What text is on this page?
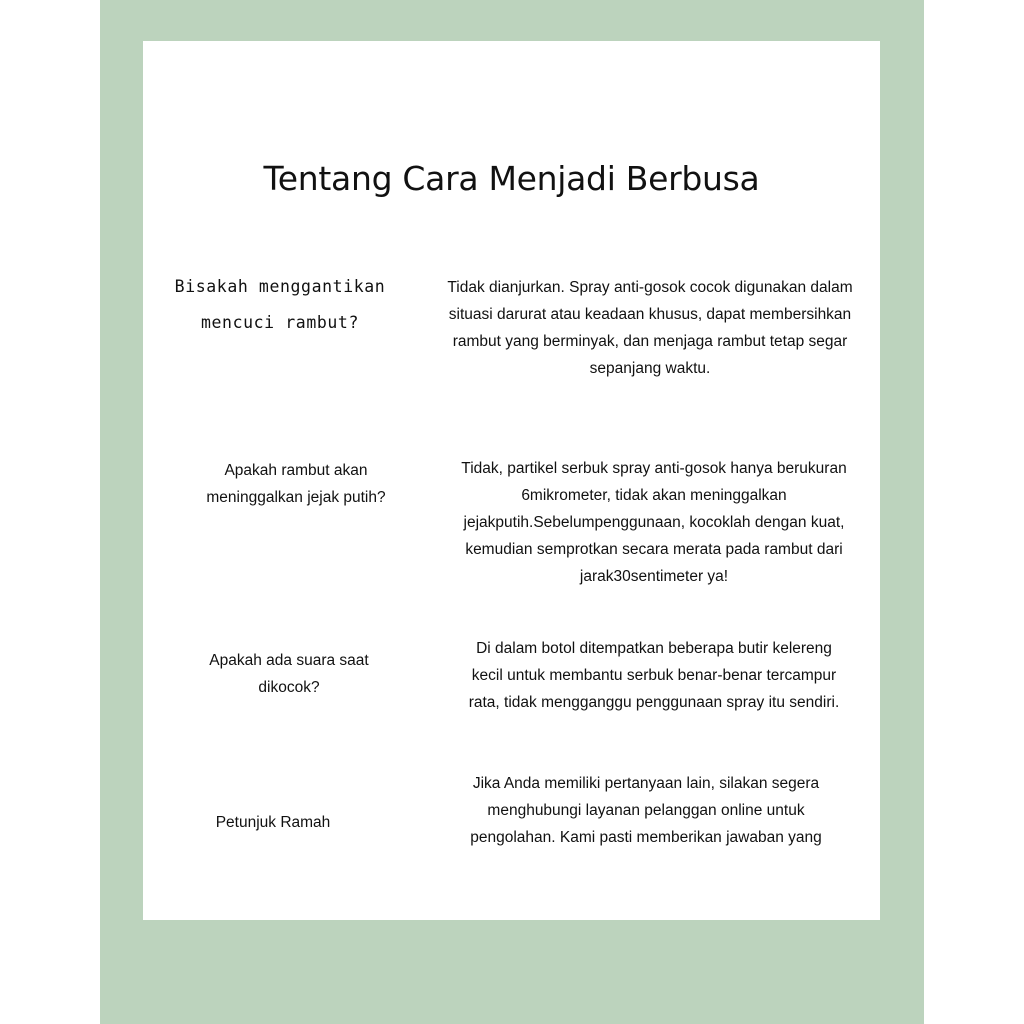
Tentang Cara Menjadi Berbusa
Bisakah menggantikan
mencuci rambut?
Tidak dianjurkan. Spray anti-gosok cocok digunakan dalam
situasi darurat atau keadaan khusus, dapat membersihkan
rambut yang berminyak, dan menjaga rambut tetap segar
sepanjang waktu.
Apakah rambut akan
meninggalkan jejak putih?
Tidak, partikel serbuk spray anti-gosok hanya berukuran
6mikrometer, tidak akan meninggalkan
jejakputih.Sebelumpenggunaan, kocoklah dengan kuat,
kemudian semprotkan secara merata pada rambut dari
jarak30sentimeter ya!
Apakah ada suara saat
dikocok?
Di dalam botol ditempatkan beberapa butir kelereng
kecil untuk membantu serbuk benar-benar tercampur
rata, tidak mengganggu penggunaan spray itu sendiri.
Petunjuk Ramah
Jika Anda memiliki pertanyaan lain, silakan segera
menghubungi layanan pelanggan online untuk
pengolahan. Kami pasti memberikan jawaban yang
